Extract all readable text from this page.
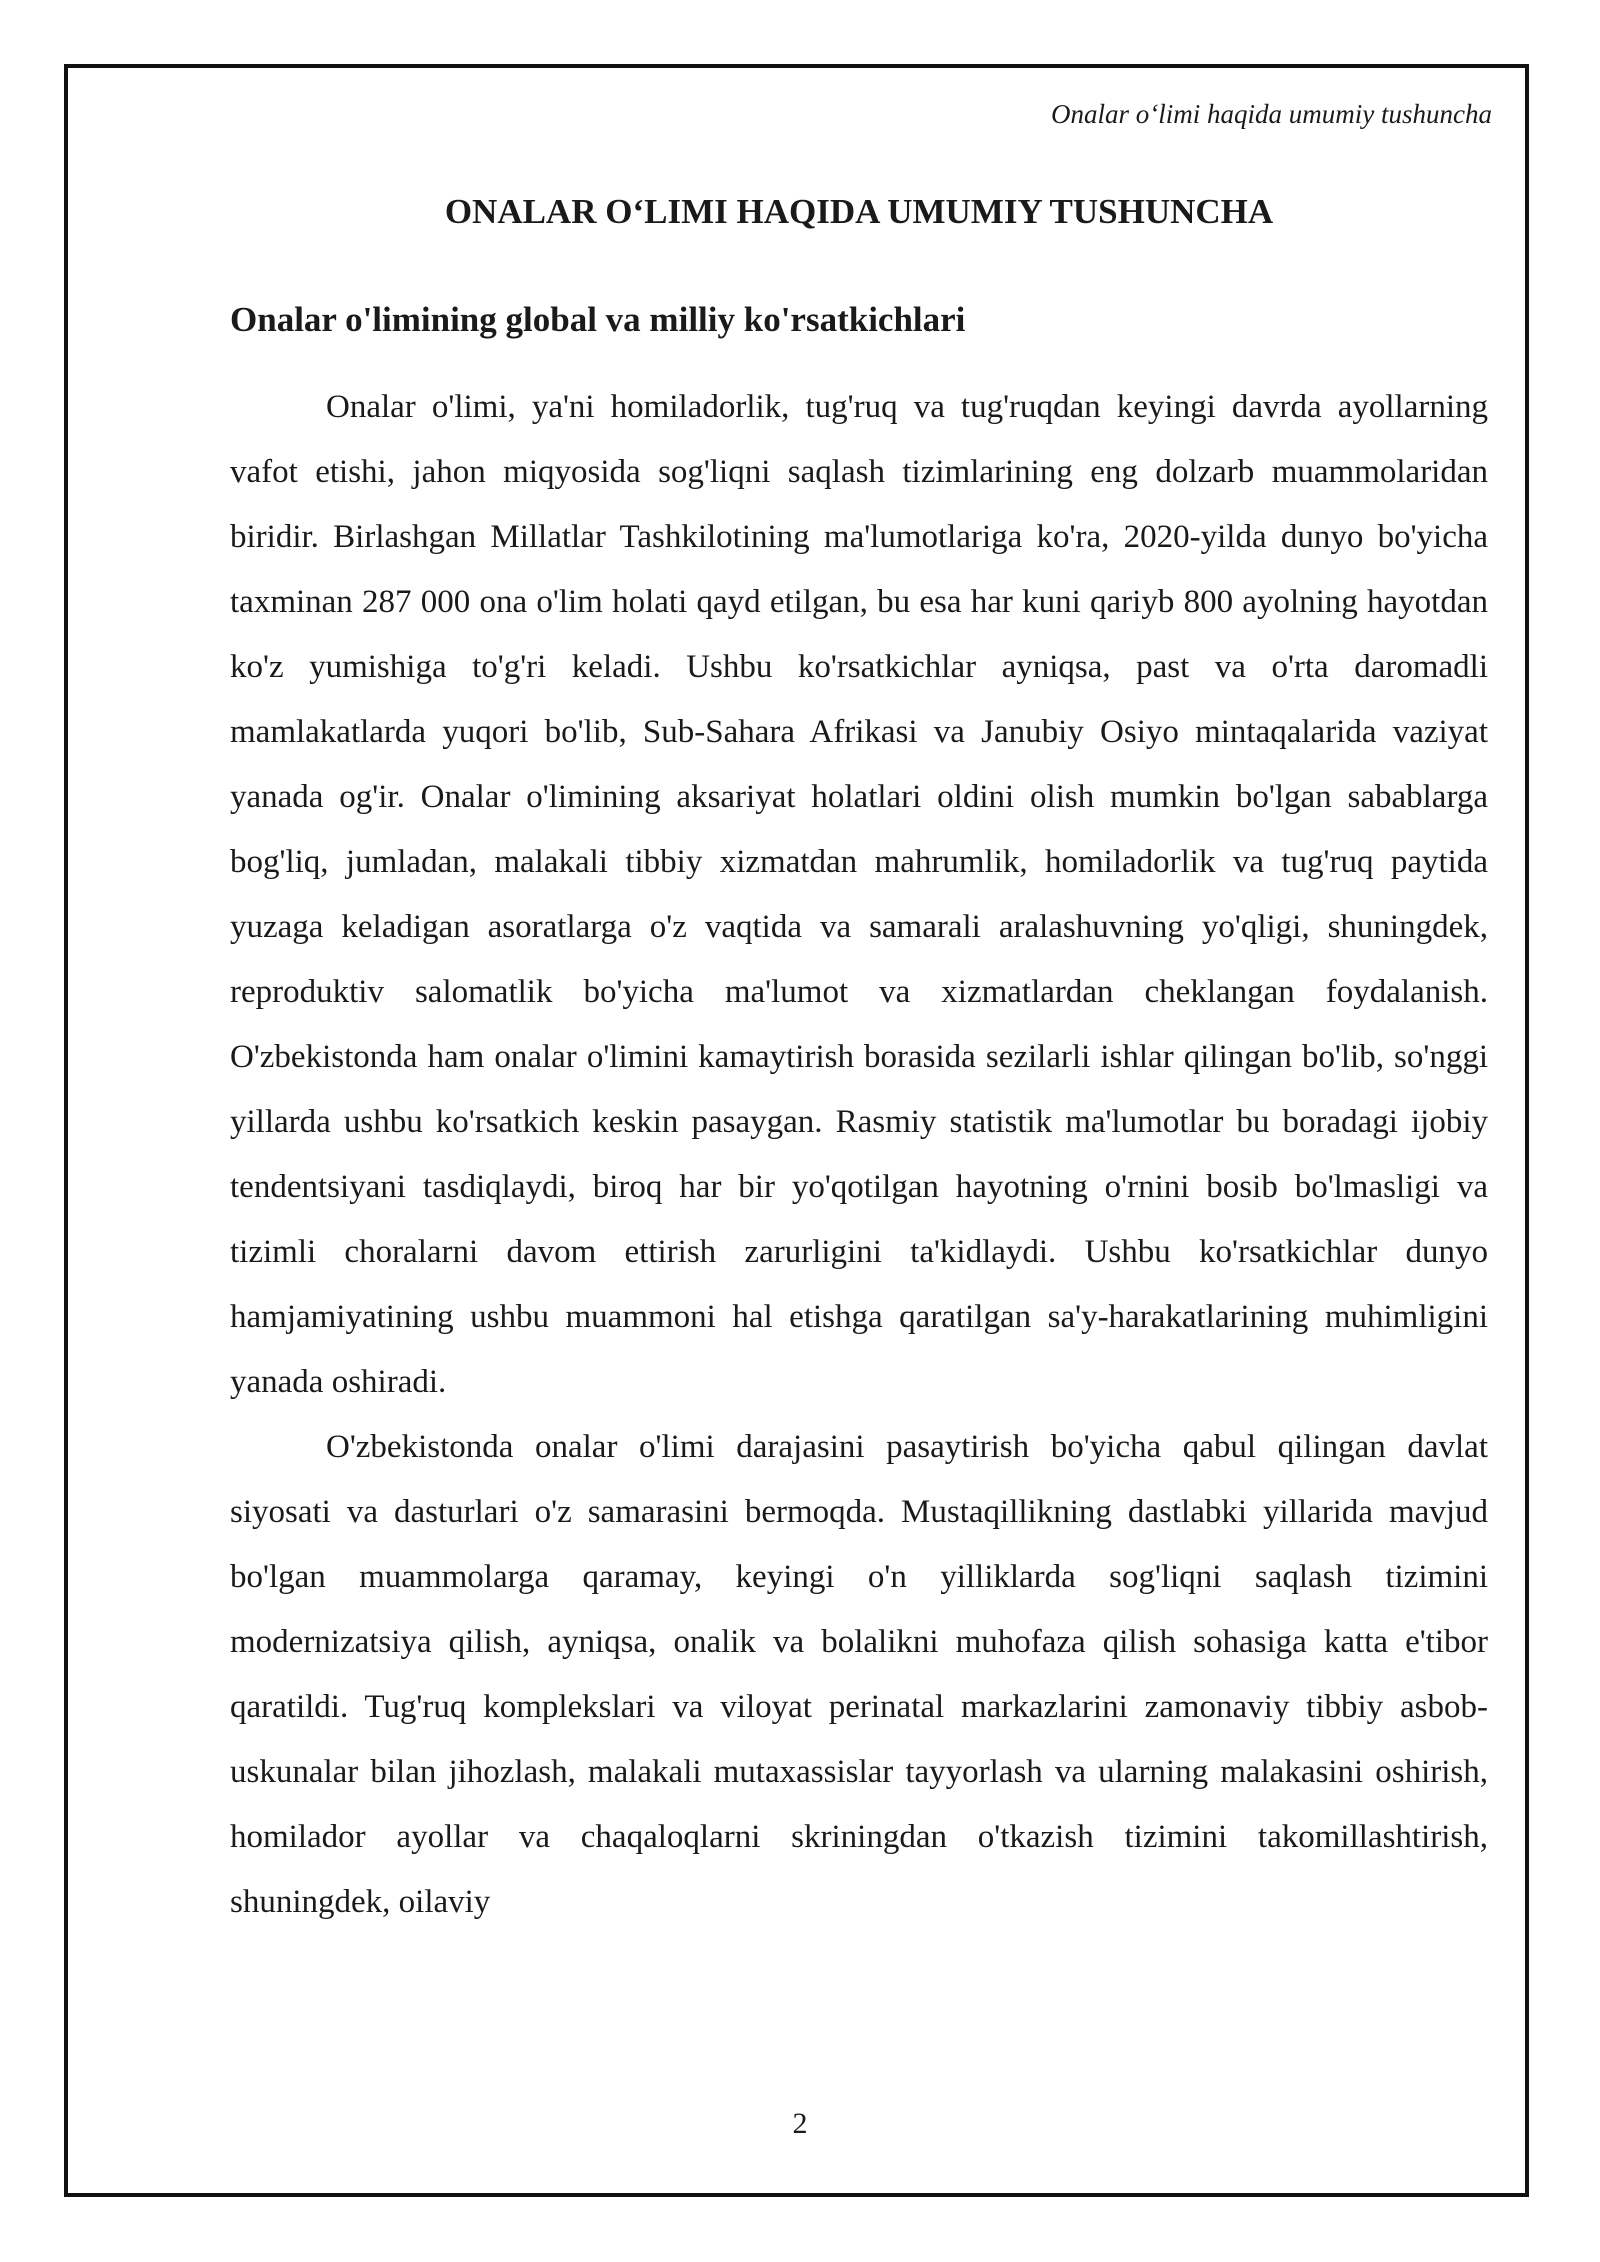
Onalar o‘limi haqida umumiy tushuncha
ONALAR O‘LIMI HAQIDA UMUMIY TUSHUNCHA
Onalar o'limining global va milliy ko'rsatkichlari

Onalar o'limi, ya'ni homiladorlik, tug'ruq va tug'ruqdan keyingi davrda ayollarning vafot etishi, jahon miqyosida sog'liqni saqlash tizimlarining eng dolzarb muammolaridan biridir. Birlashgan Millatlar Tashkilotining ma'lumotlariga ko'ra, 2020-yilda dunyo bo'yicha taxminan 287 000 ona o'lim holati qayd etilgan, bu esa har kuni qariyb 800 ayolning hayotdan ko'z yumishiga to'g'ri keladi. Ushbu ko'rsatkichlar ayniqsa, past va o'rta daromadli mamlakatlarda yuqori bo'lib, Sub-Sahara Afrikasi va Janubiy Osiyo mintaqalarida vaziyat yanada og'ir. Onalar o'limining aksariyat holatlari oldini olish mumkin bo'lgan sabablarga bog'liq, jumladan, malakali tibbiy xizmatdan mahrumlik, homiladorlik va tug'ruq paytida yuzaga keladigan asoratlarga o'z vaqtida va samarali aralashuvning yo'qligi, shuningdek, reproduktiv salomatlik bo'yicha ma'lumot va xizmatlardan cheklangan foydalanish. O'zbekistonda ham onalar o'limini kamaytirish borasida sezilarli ishlar qilingan bo'lib, so'nggi yillarda ushbu ko'rsatkich keskin pasaygan. Rasmiy statistik ma'lumotlar bu boradagi ijobiy tendentsiyani tasdiqlaydi, biroq har bir yo'qotilgan hayotning o'rnini bosib bo'lmasligi va tizimli choralarni davom ettirish zarurligini ta'kidlaydi. Ushbu ko'rsatkichlar dunyo hamjamiyatining ushbu muammoni hal etishga qaratilgan sa'y-harakatlarining muhimligini yanada oshiradi.

O'zbekistonda onalar o'limi darajasini pasaytirish bo'yicha qabul qilingan davlat siyosati va dasturlari o'z samarasini bermoqda. Mustaqillikning dastlabki yillarida mavjud bo'lgan muammolarga qaramay, keyingi o'n yilliklarda sog'liqni saqlash tizimini modernizatsiya qilish, ayniqsa, onalik va bolalikni muhofaza qilish sohasiga katta e'tibor qaratildi. Tug'ruq komplekslari va viloyat perinatal markazlarini zamonaviy tibbiy asbob-uskunalar bilan jihozlash, malakali mutaxassislar tayyorlash va ularning malakasini oshirish, homilador ayollar va chaqaloqlarni skriningdan o'tkazish tizimini takomillashtirish, shuningdek, oilaviy

2
